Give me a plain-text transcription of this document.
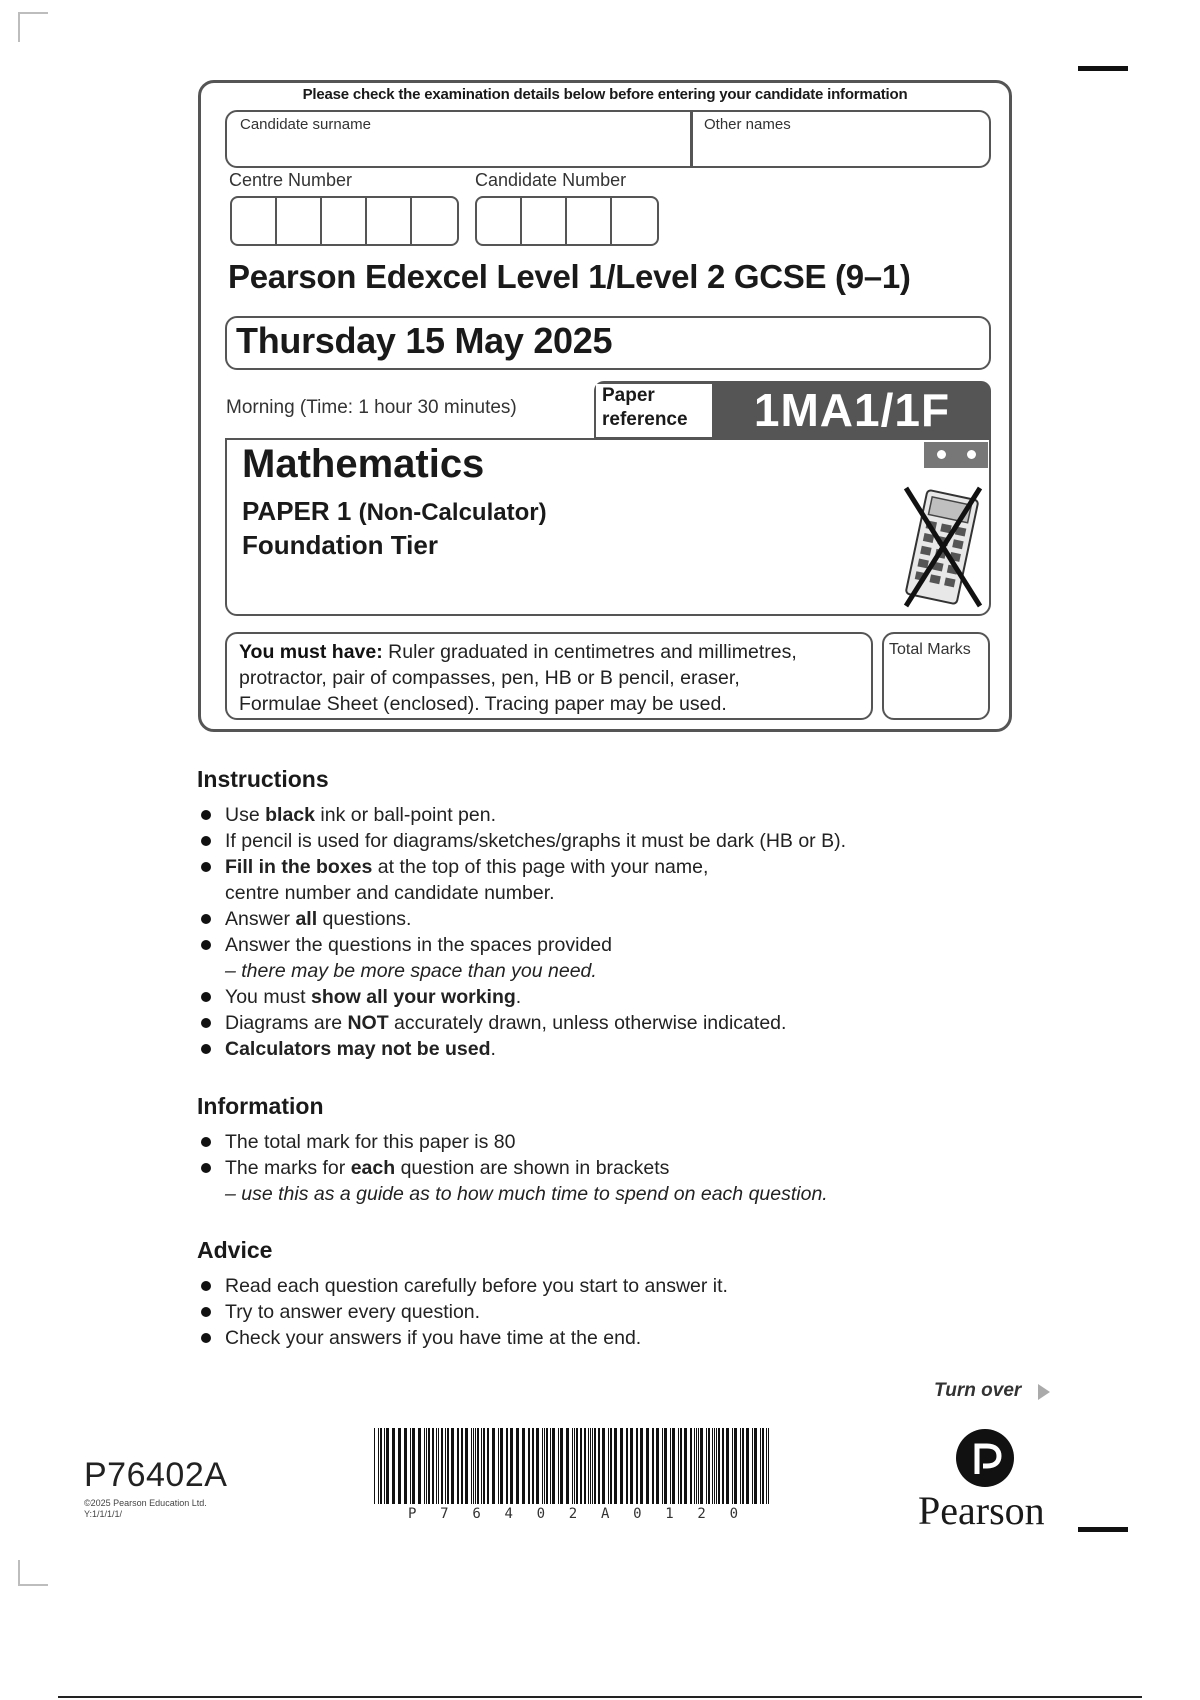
Please check the examination details below before entering your candidate information
Candidate surname	Other names
Centre Number	Candidate Number
Pearson Edexcel Level 1/Level 2 GCSE (9–1)
Thursday 15 May 2025
Morning (Time: 1 hour 30 minutes)
Paper
reference	1MA1/1F
Mathematics
PAPER 1 (Non-Calculator)
Foundation Tier
You must have: Ruler graduated in centimetres and millimetres,
protractor, pair of compasses, pen, HB or B pencil, eraser,
Formulae Sheet (enclosed). Tracing paper may be used.
Total Marks
Instructions
Use black ink or ball-point pen.
If pencil is used for diagrams/sketches/graphs it must be dark (HB or B).
Fill in the boxes at the top of this page with your name,
centre number and candidate number.
Answer all questions.
Answer the questions in the spaces provided
– there may be more space than you need.
You must show all your working.
Diagrams are NOT accurately drawn, unless otherwise indicated.
Calculators may not be used.
Information
The total mark for this paper is 80
The marks for each question are shown in brackets
– use this as a guide as to how much time to spend on each question.
Advice
Read each question carefully before you start to answer it.
Try to answer every question.
Check your answers if you have time at the end.
Turn over
P76402A
©2025 Pearson Education Ltd.
Y:1/1/1/1/	P 7 6 4 0 2 A 0 1 2 0	Pearson
